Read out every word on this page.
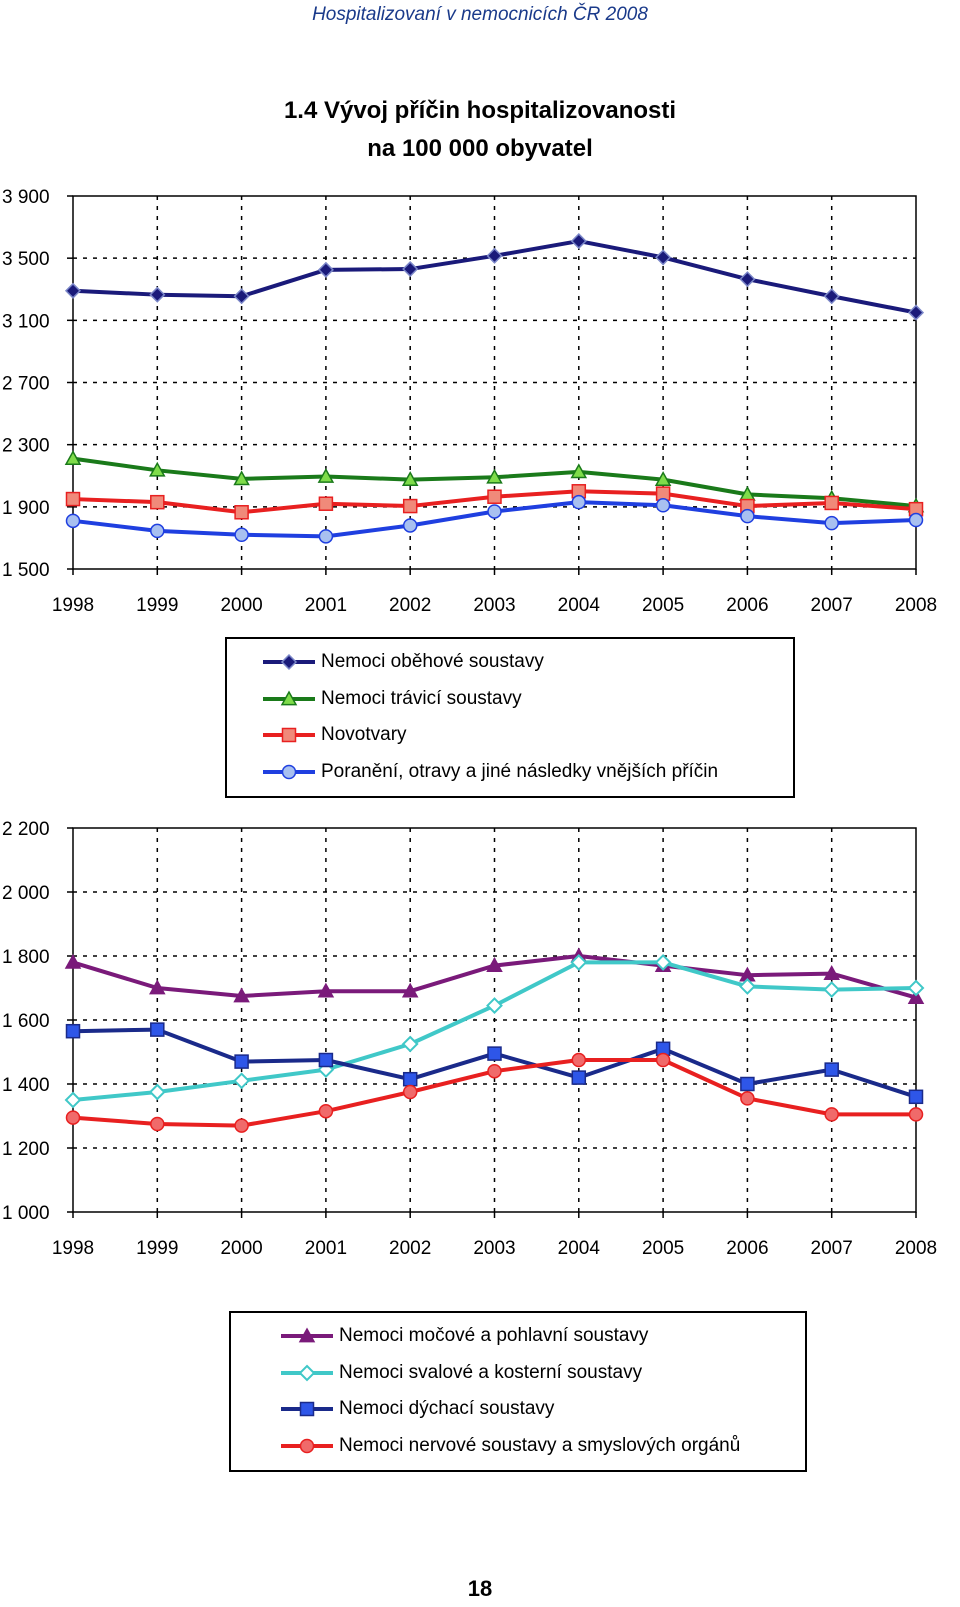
Hospitalizovaní v nemocnicích ČR 2008
1.4 Vývoj příčin hospitalizovanosti
na 100 000 obyvatel
1 500
1 900
2 300
2 700
3 100
3 500
3 900
1998 1999 2000 2001 2002 2003 2004 2005 2006 2007 2008
1 000
1 200
1 400
1 600
1 800
2 000
2 200
1998 1999 2000 2001 2002 2003 2004 2005 2006 2007 2008
Nemoci oběhové soustavy
Nemoci trávicí soustavy
Novotvary
Poranění, otravy a jiné následky vnějších příčin
Nemoci močové a pohlavní soustavy
Nemoci svalové a kosterní soustavy
Nemoci dýchací soustavy
Nemoci nervové soustavy a smyslových orgánů
18
